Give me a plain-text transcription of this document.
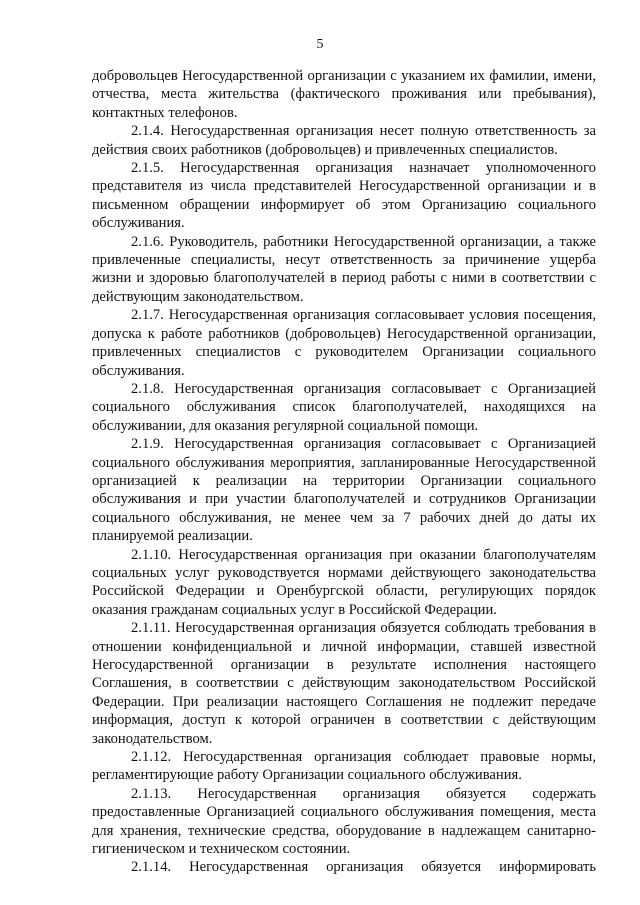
5

добровольцев Негосударственной организации с указанием их фамилии, имени, отчества, места жительства (фактического проживания или пребывания), контактных телефонов.

2.1.4. Негосударственная организация несет полную ответственность за действия своих работников (добровольцев) и привлеченных специалистов.

2.1.5. Негосударственная организация назначает уполномоченного представителя из числа представителей Негосударственной организации и в письменном обращении информирует об этом Организацию социального обслуживания.

2.1.6. Руководитель, работники Негосударственной организации, а также привлеченные специалисты, несут ответственность за причинение ущерба жизни и здоровью благополучателей в период работы с ними в соответствии с действующим законодательством.

2.1.7. Негосударственная организация согласовывает условия посещения, допуска к работе работников (добровольцев) Негосударственной организации, привлеченных специалистов с руководителем Организации социального обслуживания.

2.1.8. Негосударственная организация согласовывает с Организацией социального обслуживания список благополучателей, находящихся на обслуживании, для оказания регулярной социальной помощи.

2.1.9. Негосударственная организация согласовывает с Организацией социального обслуживания мероприятия, запланированные Негосударственной организацией к реализации на территории Организации социального обслуживания и при участии благополучателей и сотрудников Организации социального обслуживания, не менее чем за 7 рабочих дней до даты их планируемой реализации.

2.1.10. Негосударственная организация при оказании благополучателям социальных услуг руководствуется нормами действующего законодательства Российской Федерации и Оренбургской области, регулирующих порядок оказания гражданам социальных услуг в Российской Федерации.

2.1.11. Негосударственная организация обязуется соблюдать требования в отношении конфиденциальной и личной информации, ставшей известной Негосударственной организации в результате исполнения настоящего Соглашения, в соответствии с действующим законодательством Российской Федерации. При реализации настоящего Соглашения не подлежит передаче информация, доступ к которой ограничен в соответствии с действующим законодательством.

2.1.12. Негосударственная организация соблюдает правовые нормы, регламентирующие работу Организации социального обслуживания.

2.1.13. Негосударственная организация обязуется содержать предоставленные Организацией социального обслуживания помещения, места для хранения, технические средства, оборудование в надлежащем санитарно-гигиеническом и техническом состоянии.

2.1.14. Негосударственная организация обязуется информировать
